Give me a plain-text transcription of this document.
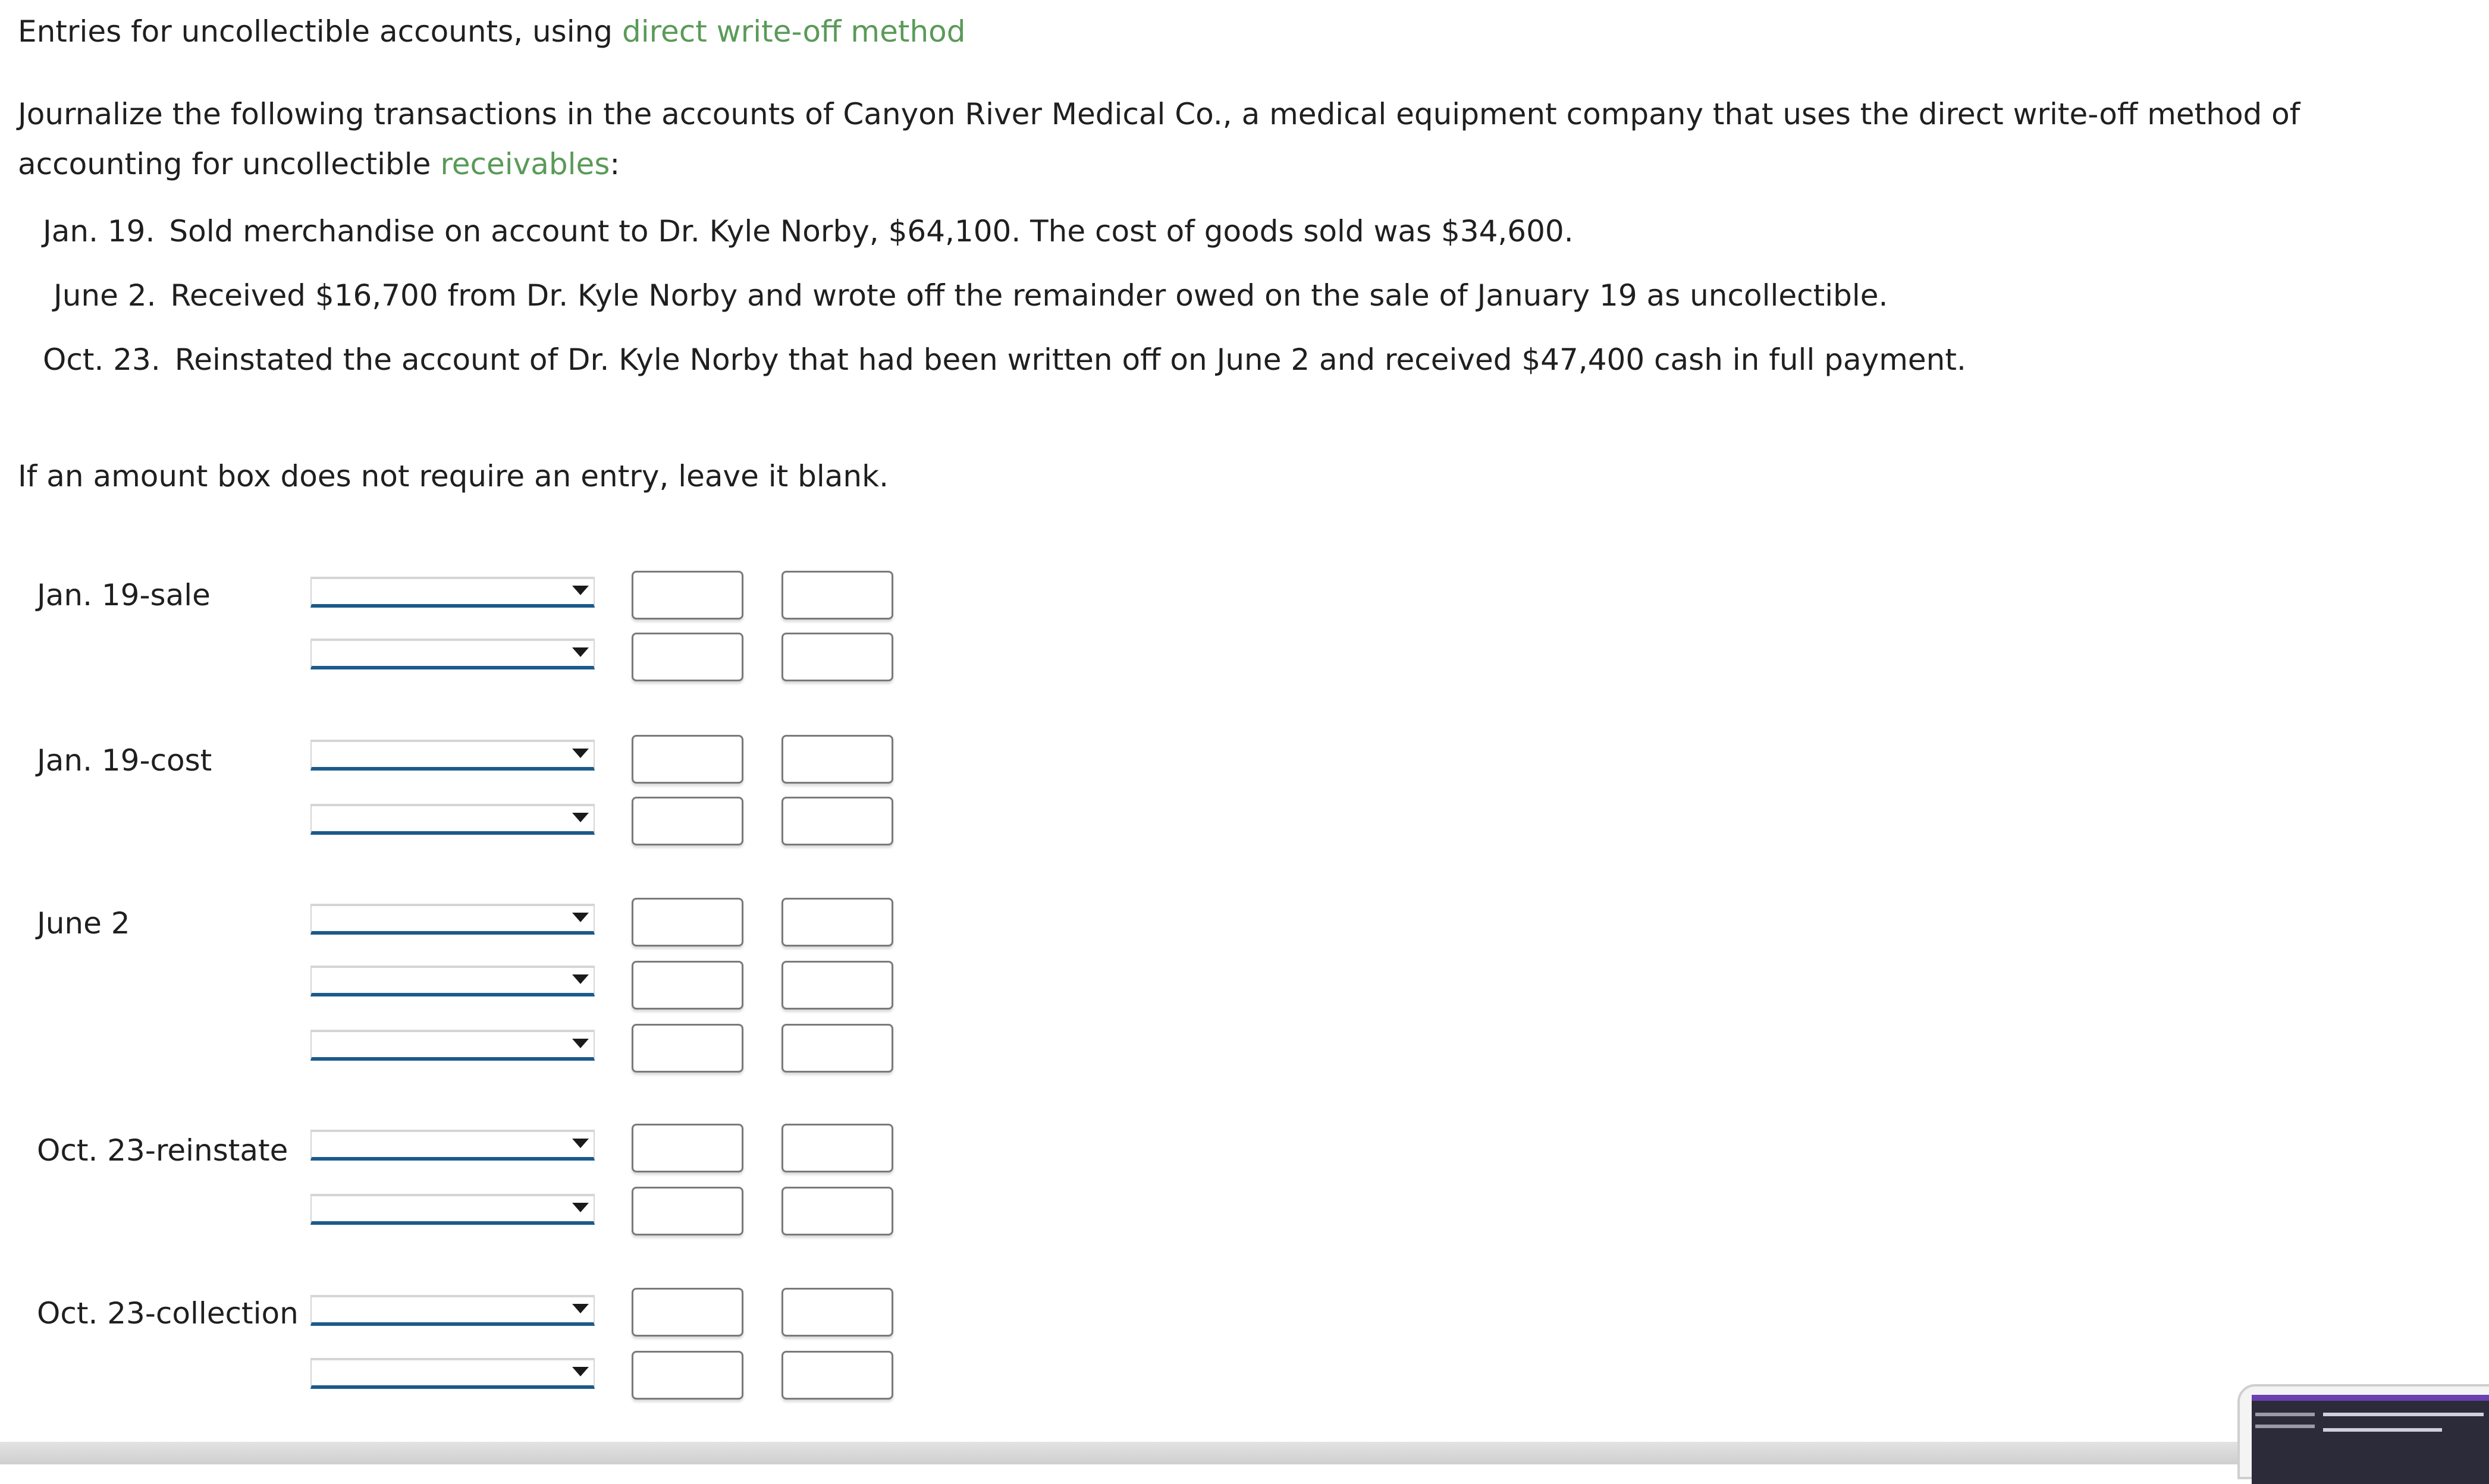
Entries for uncollectible accounts, using direct write-off method
Journalize the following transactions in the accounts of Canyon River Medical Co., a medical equipment company that uses the direct write-off method of accounting for uncollectible receivables:
Jan. 19. Sold merchandise on account to Dr. Kyle Norby, $64,100. The cost of goods sold was $34,600.
June 2. Received $16,700 from Dr. Kyle Norby and wrote off the remainder owed on the sale of January 19 as uncollectible.
Oct. 23. Reinstated the account of Dr. Kyle Norby that had been written off on June 2 and received $47,400 cash in full payment.
If an amount box does not require an entry, leave it blank.
Jan. 19-sale
Jan. 19-cost
June 2
Oct. 23-reinstate
Oct. 23-collection
